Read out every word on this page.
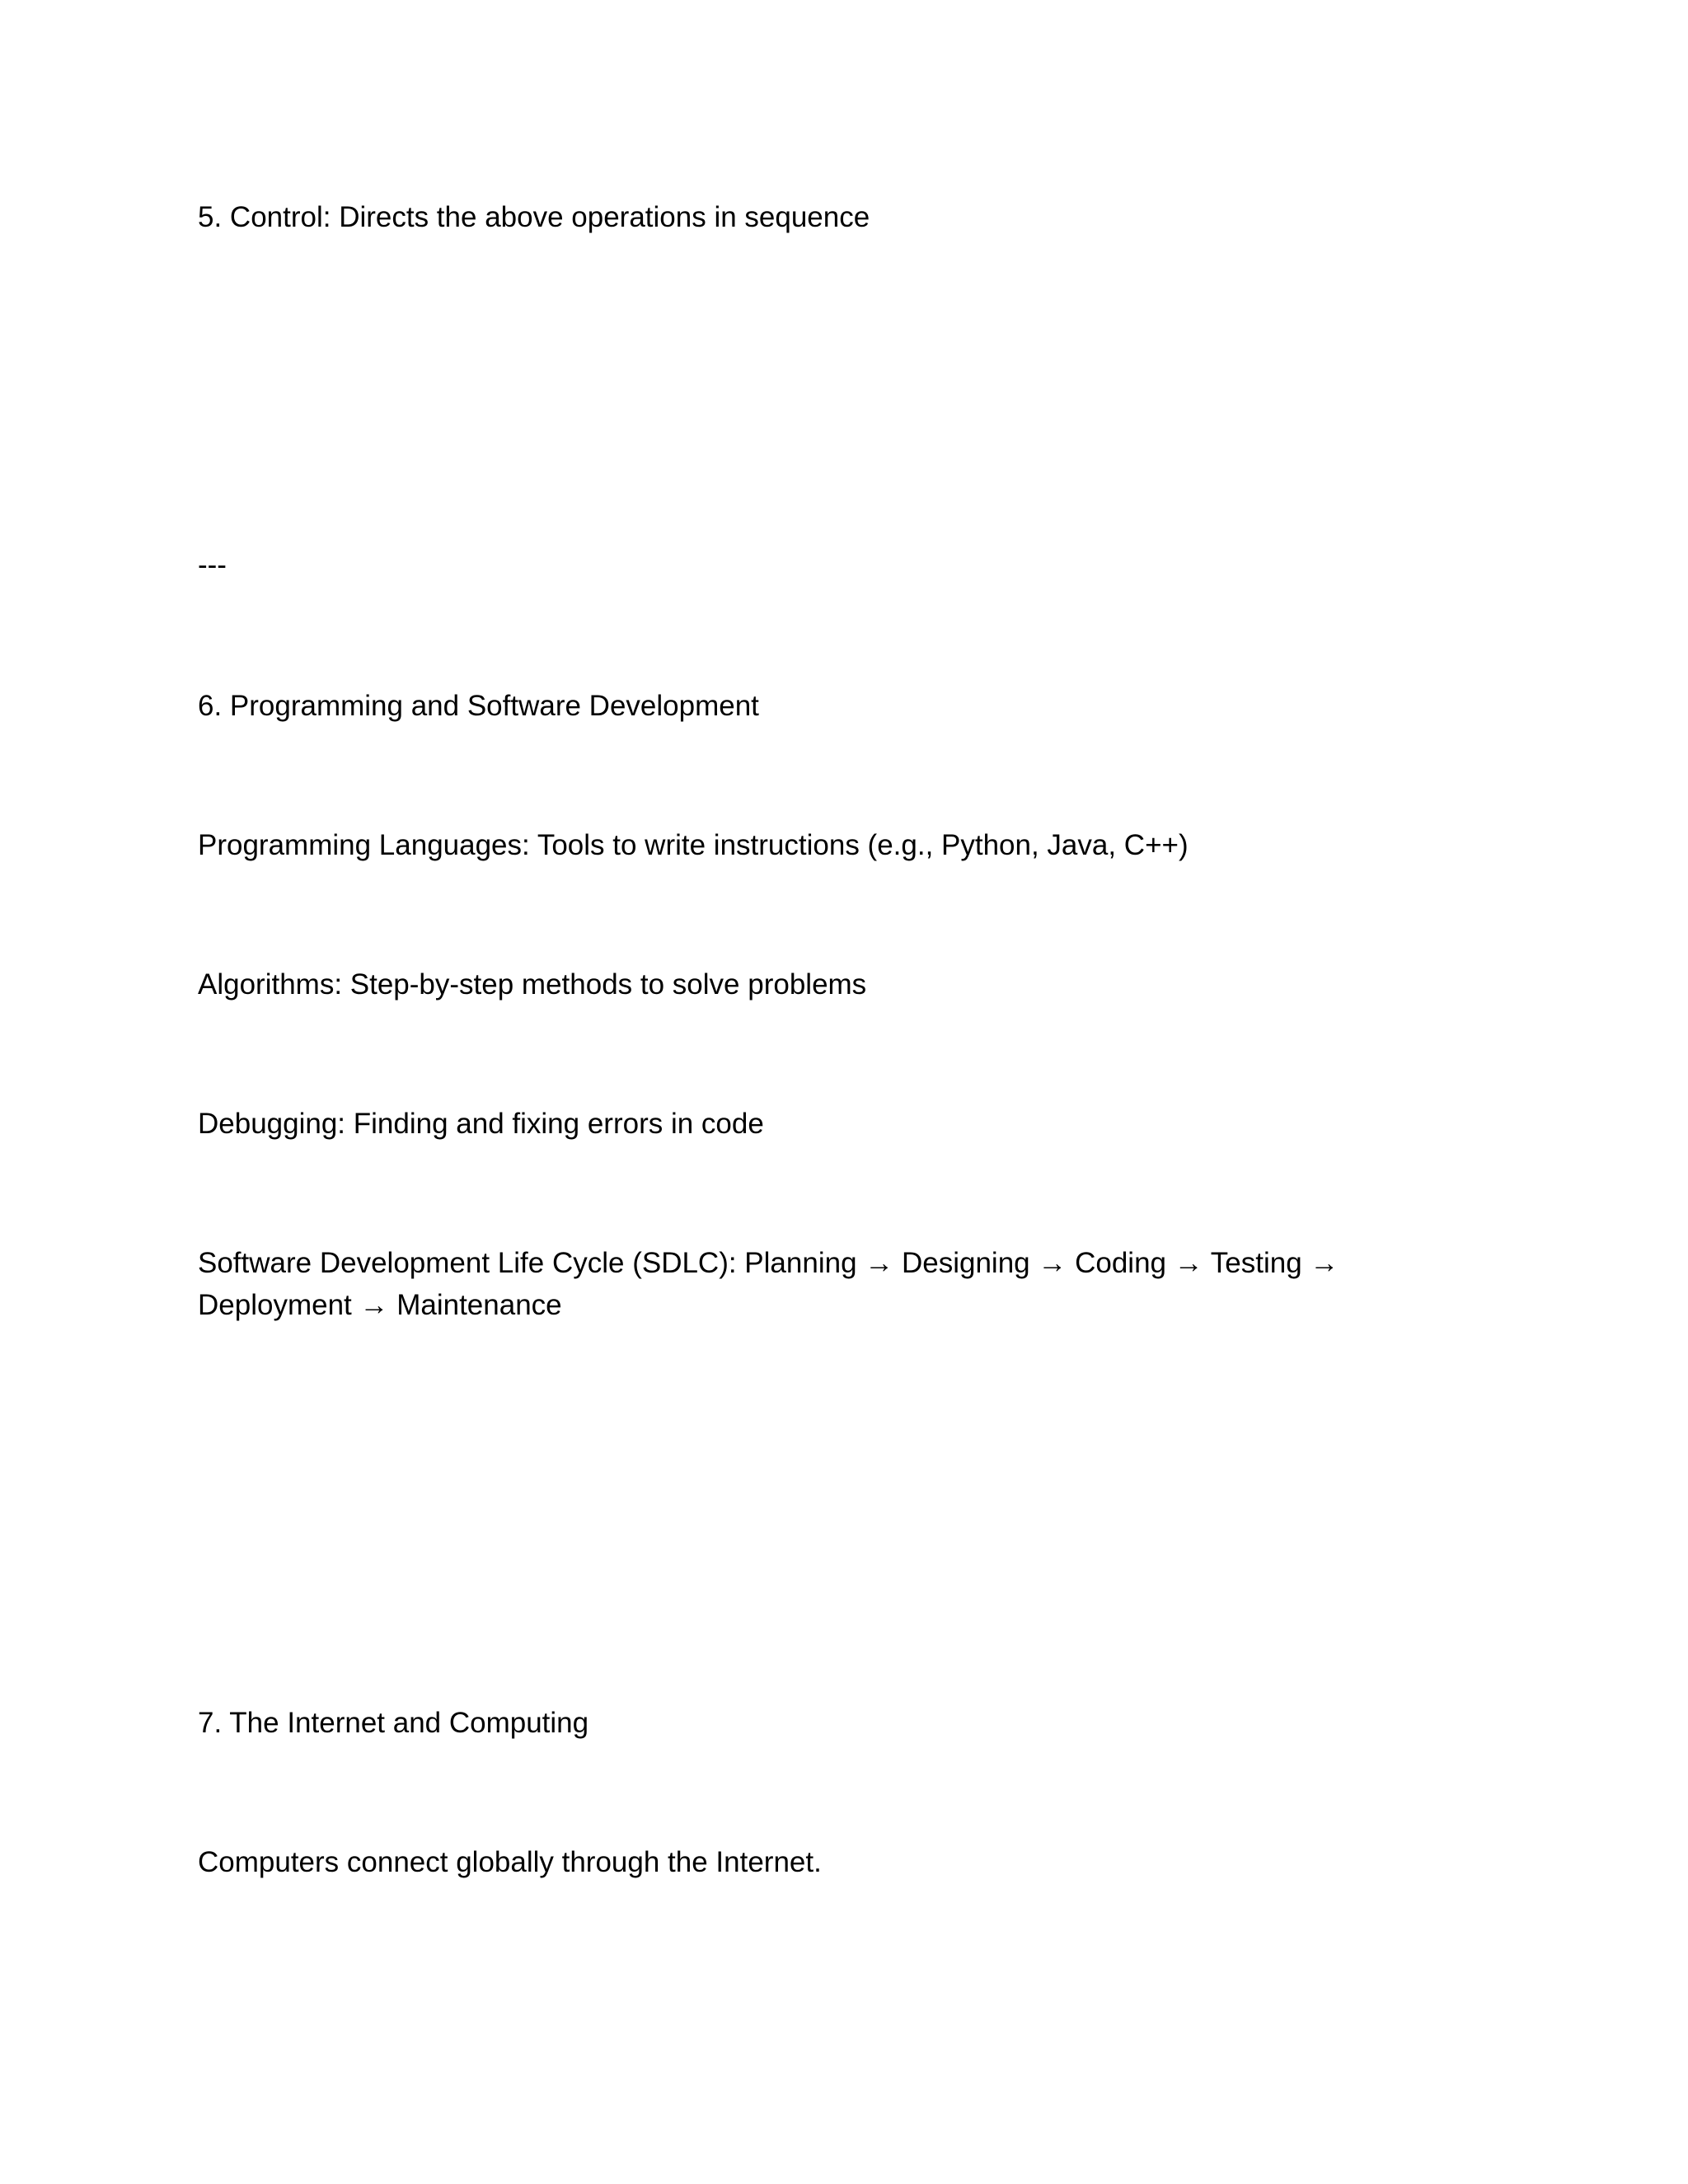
5. Control: Directs the above operations in sequence
---
6. Programming and Software Development
Programming Languages: Tools to write instructions (e.g., Python, Java, C++)
Algorithms: Step-by-step methods to solve problems
Debugging: Finding and fixing errors in code
Software Development Life Cycle (SDLC): Planning → Designing → Coding → Testing → Deployment → Maintenance
7. The Internet and Computing
Computers connect globally through the Internet.
